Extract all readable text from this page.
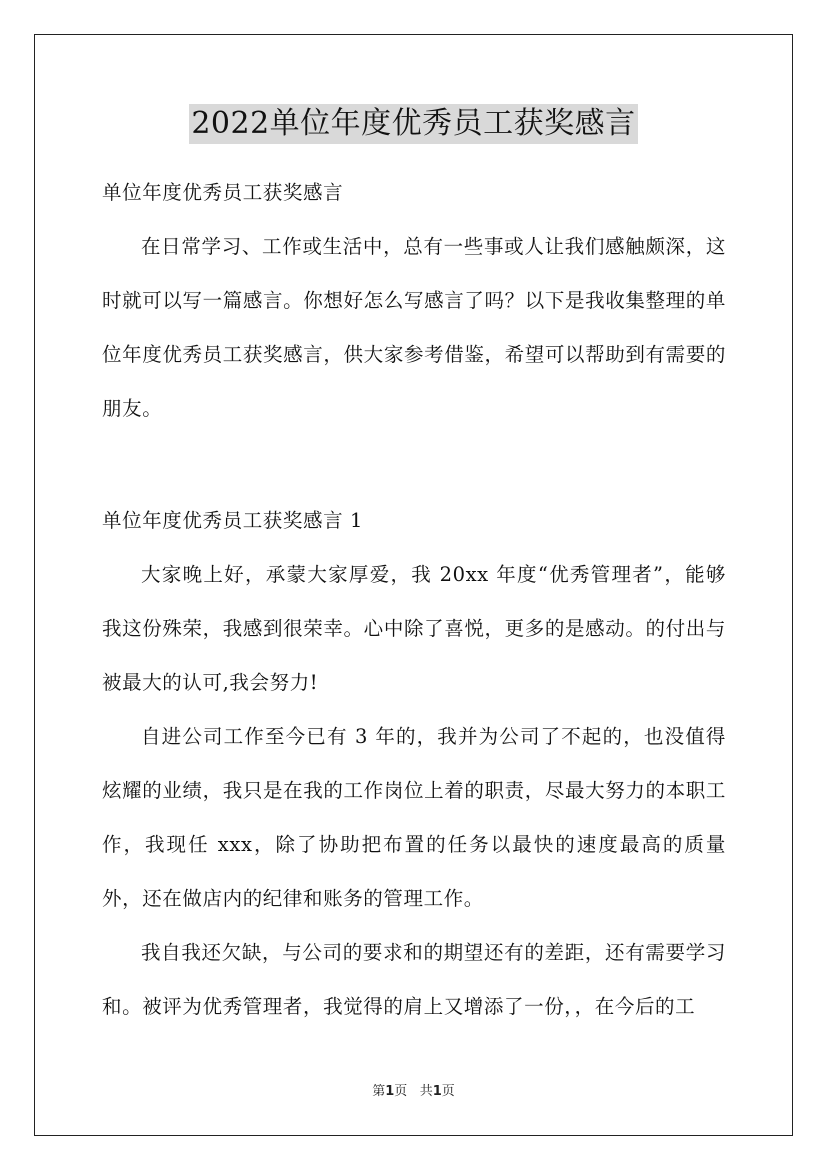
2022单位年度优秀员工获奖感言

单位年度优秀员工获奖感言

在日常学习、工作或生活中，总有一些事或人让我们感触颇深，这时就可以写一篇感言。你想好怎么写感言了吗？以下是我收集整理的单位年度优秀员工获奖感言，供大家参考借鉴，希望可以帮助到有需要的朋友。

单位年度优秀员工获奖感言 1

大家晚上好，承蒙大家厚爱，我 20xx 年度“优秀管理者”，能够我这份殊荣，我感到很荣幸。心中除了喜悦，更多的是感动。的付出与被最大的认可,我会努力!

自进公司工作至今已有 3 年的，我并为公司了不起的，也没值得炫耀的业绩，我只是在我的工作岗位上着的职责，尽最大努力的本职工作，我现任 xxx，除了协助把布置的任务以最快的速度最高的质量外，还在做店内的纪律和账务的管理工作。

我自我还欠缺，与公司的要求和的期望还有的差距，还有需要学习和。被评为优秀管理者，我觉得的肩上又增添了一份，，在今后的工

第1页   共1页
